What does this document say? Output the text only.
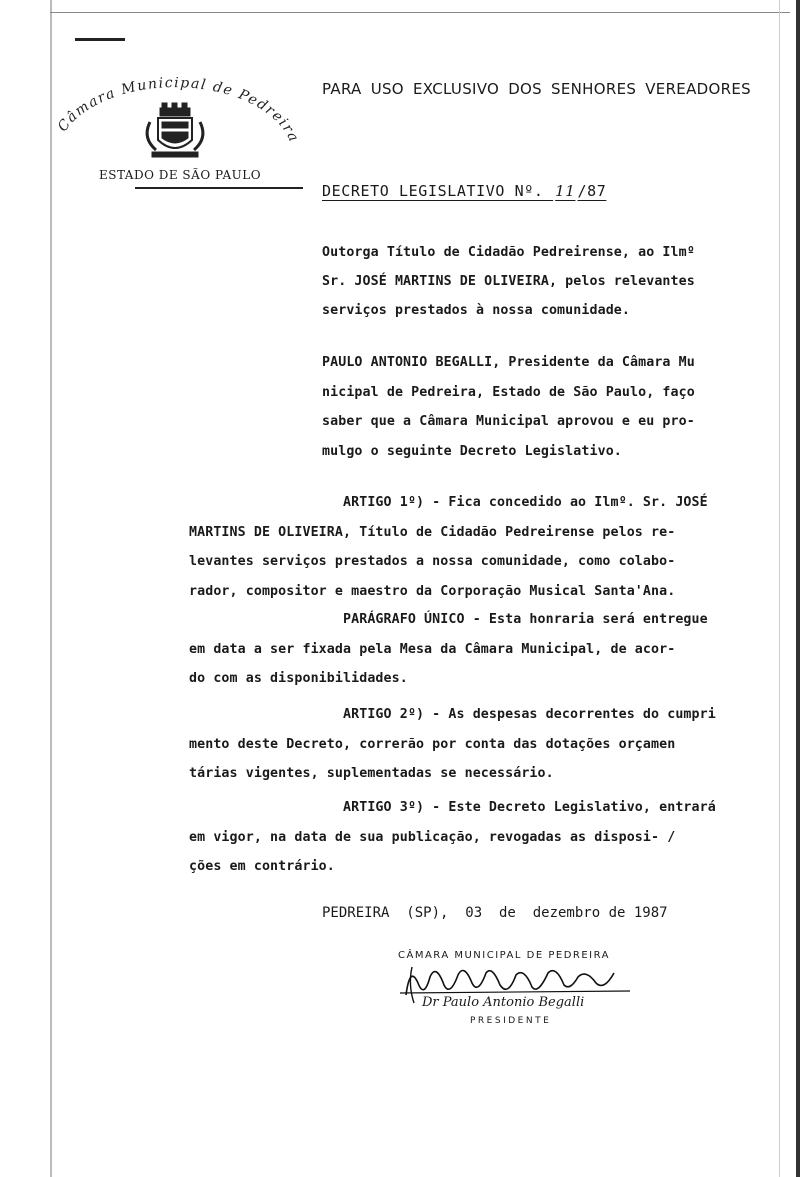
Câmara Municipal de Pedreira
ESTADO DE SÃO PAULO
PARA USO EXCLUSIVO DOS SENHORES VEREADORES
DECRETO LEGISLATIVO Nº. 11 /87
Outorga Título de Cidadão Pedreirense, ao Ilmº
Sr. JOSÉ MARTINS DE OLIVEIRA, pelos relevantes
serviços prestados à nossa comunidade.
PAULO ANTONIO BEGALLI, Presidente da Câmara Mu
nicipal de Pedreira, Estado de São Paulo, faço
saber que a Câmara Municipal aprovou e eu pro-
mulgo o seguinte Decreto Legislativo.
ARTIGO 1º) - Fica concedido ao Ilmº. Sr. JOSÉ
MARTINS DE OLIVEIRA, Título de Cidadão Pedreirense pelos re-
levantes serviços prestados a nossa comunidade, como colabo-
rador, compositor e maestro da Corporação Musical Santa'Ana.
PARÁGRAFO ÚNICO - Esta honraria será entregue
em data a ser fixada pela Mesa da Câmara Municipal, de acor-
do com as disponibilidades.
ARTIGO 2º) - As despesas decorrentes do cumpri
mento deste Decreto, correrão por conta das dotações orçamen
tárias vigentes, suplementadas se necessário.
ARTIGO 3º) - Este Decreto Legislativo, entrará
em vigor, na data de sua publicação, revogadas as disposi- /
ções em contrário.
PEDREIRA  (SP),  03  de  dezembro de 1987
CÂMARA MUNICIPAL DE PEDREIRA
Dr Paulo Antonio Begalli
PRESIDENTE
